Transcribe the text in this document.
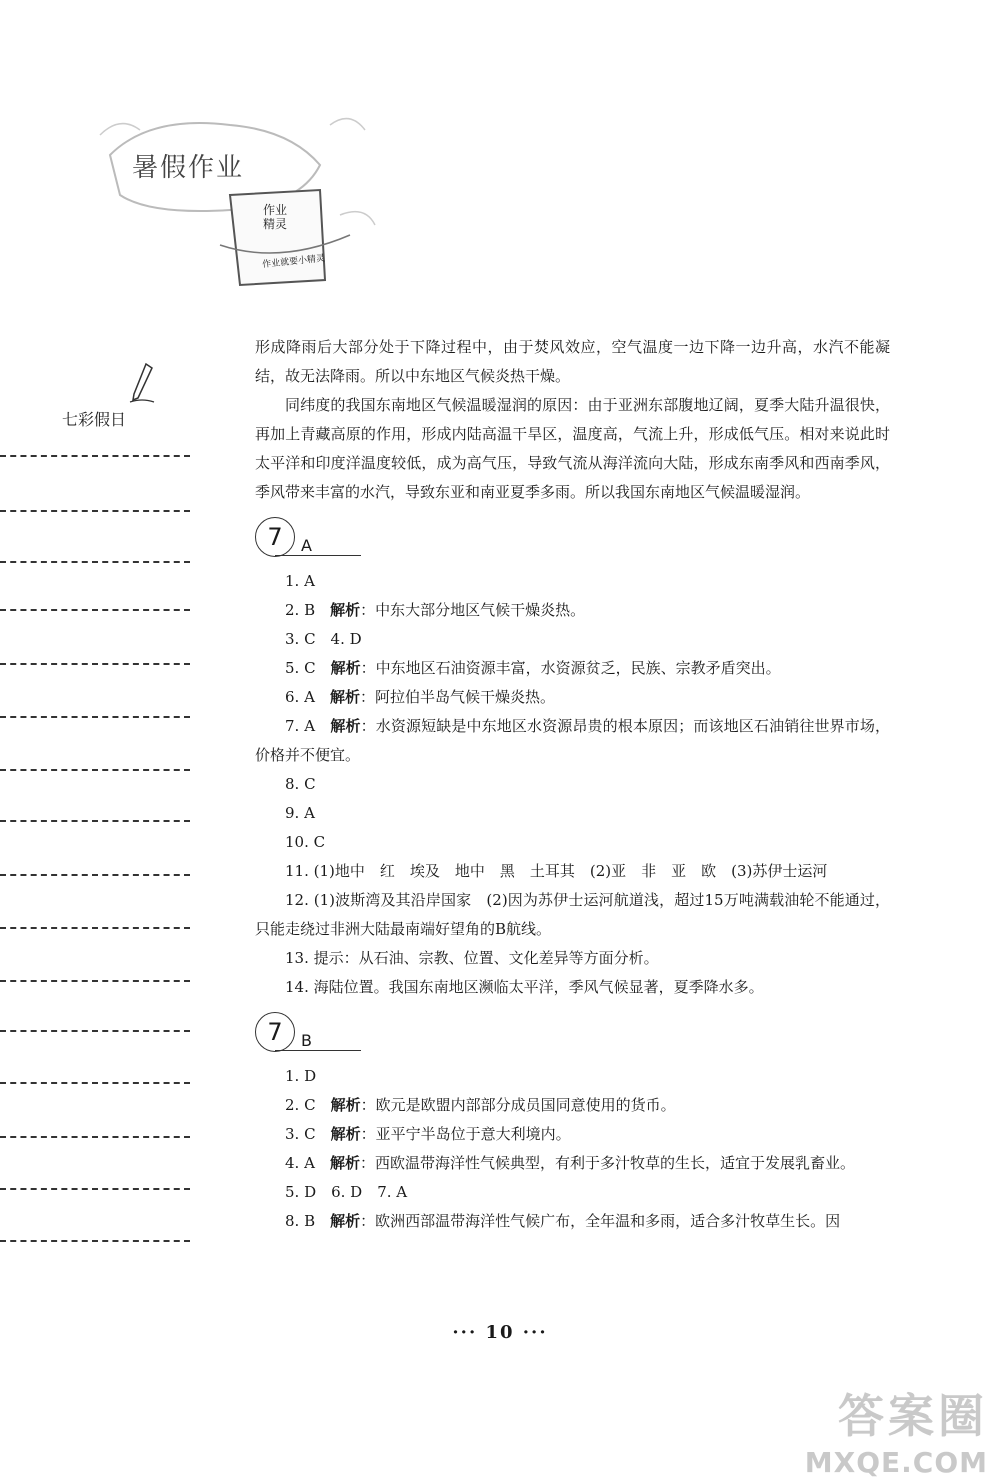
暑假作业
作业
精灵
作业就要小精灵
七彩假日
形成降雨后大部分处于下降过程中，由于焚风效应，空气温度一边下降一边升高，水汽不能凝结，故无法降雨。所以中东地区气候炎热干燥。
同纬度的我国东南地区气候温暖湿润的原因：由于亚洲东部腹地辽阔，夏季大陆升温很快，再加上青藏高原的作用，形成内陆高温干旱区，温度高，气流上升，形成低气压。相对来说此时太平洋和印度洋温度较低，成为高气压，导致气流从海洋流向大陆，形成东南季风和西南季风，季风带来丰富的水汽，导致东亚和南亚夏季多雨。所以我国东南地区气候温暖湿润。
7	A
1. A
2. B　 解析：中东大部分地区气候干燥炎热。
3. C　4. D
5. C　 解析：中东地区石油资源丰富，水资源贫乏，民族、宗教矛盾突出。
6. A　 解析：阿拉伯半岛气候干燥炎热。
7. A　 解析：水资源短缺是中东地区水资源昂贵的根本原因；而该地区石油销往世界市场，价格并不便宜。
8. C
9. A
10. C
11. (1)地中　红　埃及　地中　黑　土耳其　(2)亚　非　亚　欧　(3)苏伊士运河
12. (1)波斯湾及其沿岸国家　(2)因为苏伊士运河航道浅，超过15万吨满载油轮不能通过，只能走绕过非洲大陆最南端好望角的B航线。
13. 提示：从石油、宗教、位置、文化差异等方面分析。
14. 海陆位置。我国东南地区濒临太平洋，季风气候显著，夏季降水多。
7	B
1. D
2. C　 解析：欧元是欧盟内部部分成员国同意使用的货币。
3. C　 解析：亚平宁半岛位于意大利境内。
4. A　 解析：西欧温带海洋性气候典型，有利于多汁牧草的生长，适宜于发展乳畜业。
5. D　6. D　7. A
8. B　 解析：欧洲西部温带海洋性气候广布，全年温和多雨，适合多汁牧草生长。因
··· 10 ···
答案圈
MXQE.COM
